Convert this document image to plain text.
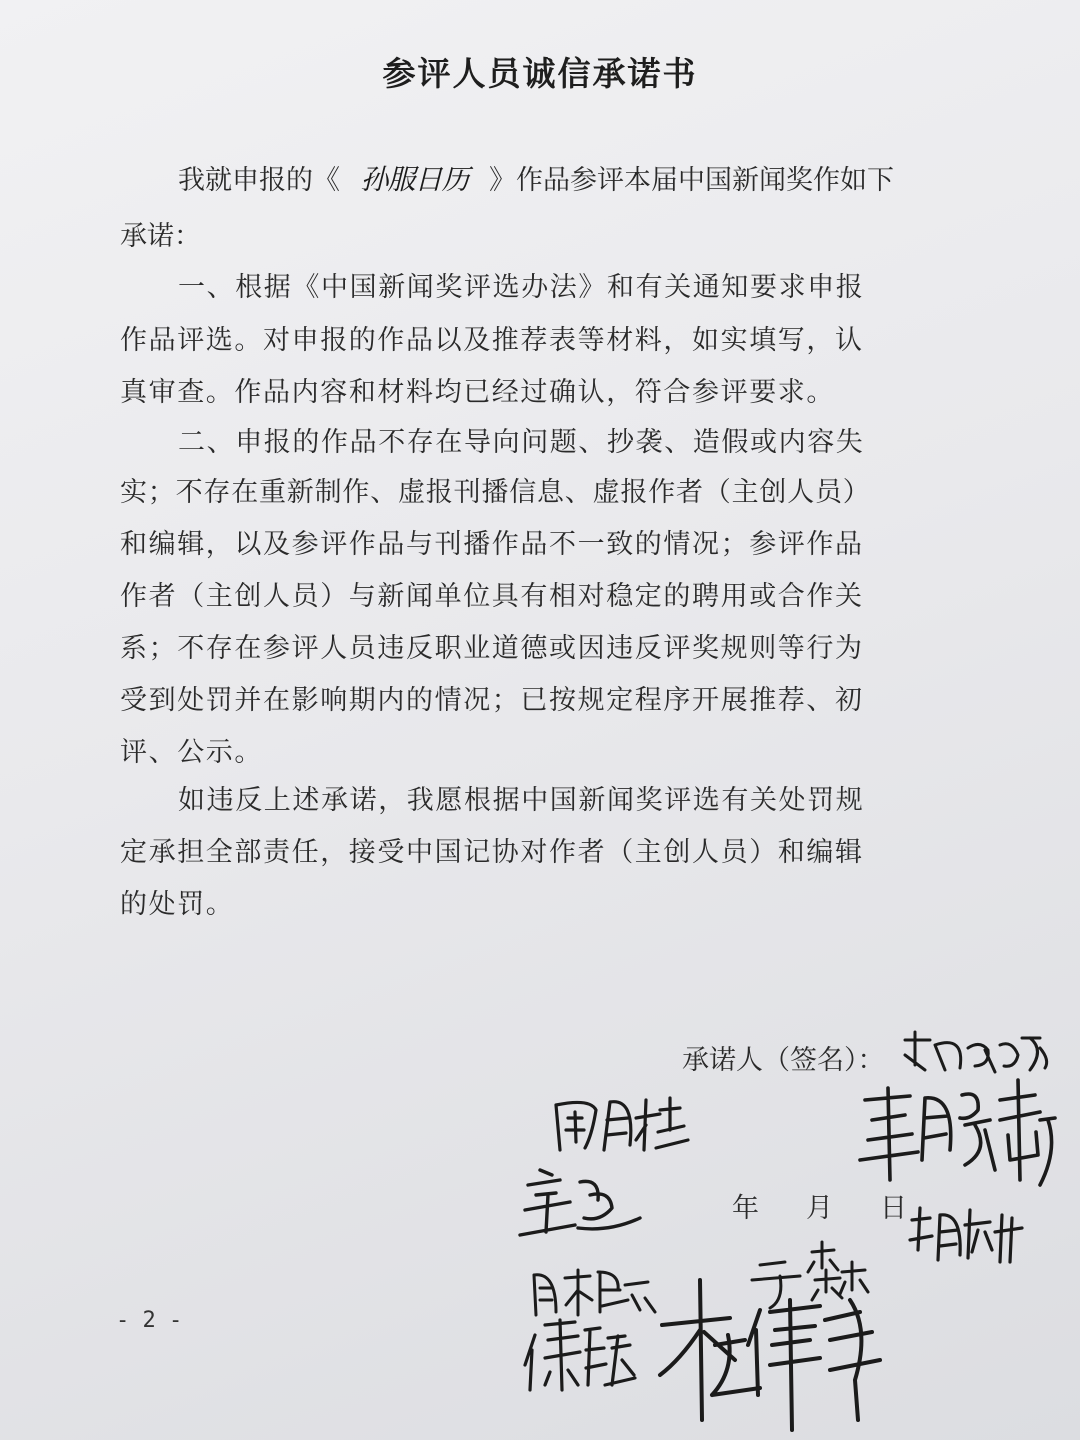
参评人员诚信承诺书
我就申报的《 孙服日历 》作品参评本届中国新闻奖作如下
承诺：
一、根据《中国新闻奖评选办法》和有关通知要求申报
作品评选。对申报的作品以及推荐表等材料，如实填写，认
真审查。作品内容和材料均已经过确认，符合参评要求。
二、申报的作品不存在导向问题、抄袭、造假或内容失
实；不存在重新制作、虚报刊播信息、虚报作者（主创人员）
和编辑，以及参评作品与刊播作品不一致的情况；参评作品
作者（主创人员）与新闻单位具有相对稳定的聘用或合作关
系；不存在参评人员违反职业道德或因违反评奖规则等行为
受到处罚并在影响期内的情况；已按规定程序开展推荐、初
评、公示。
如违反上述承诺，我愿根据中国新闻奖评选有关处罚规
定承担全部责任，接受中国记协对作者（主创人员）和编辑
的处罚。
承诺人（签名）：
年 月 日
- 2 -
